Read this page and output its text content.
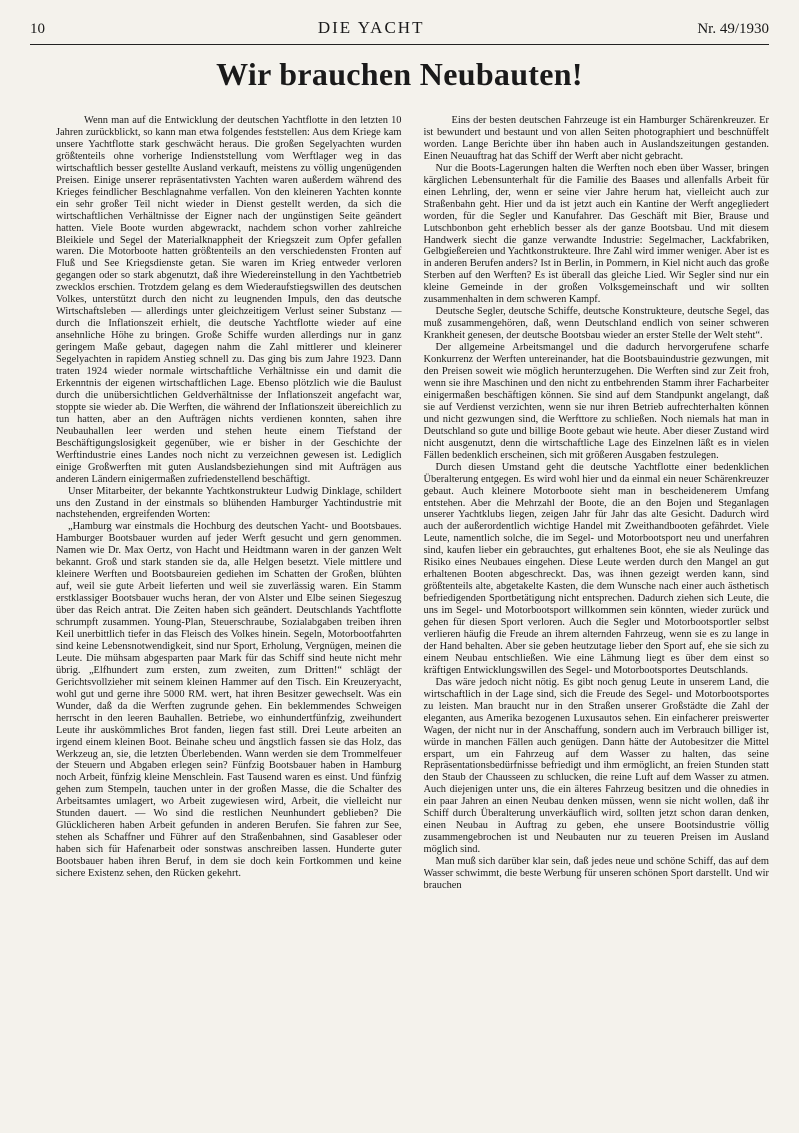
10	DIE YACHT	Nr. 49/1930
Wir brauchen Neubauten!

Wenn man auf die Entwicklung der deutschen Yachtflotte in den letzten 10 Jahren zurückblickt, so kann man etwa folgendes feststellen: Aus dem Kriege kam unsere Yachtflotte stark geschwächt heraus. Die großen Segelyachten wurden größtenteils ohne vorherige Indienststellung vom Werftlager weg in das wirtschaftlich besser gestellte Ausland verkauft, meistens zu völlig ungenügenden Preisen. Einige unserer repräsentativsten Yachten waren außerdem während des Krieges feindlicher Beschlagnahme verfallen. Von den kleineren Yachten konnte ein sehr großer Teil nicht wieder in Dienst gestellt werden, da sich die wirtschaftlichen Verhältnisse der Eigner nach der ungünstigen Seite geändert hatten. Viele Boote wurden abgewrackt, nachdem schon vorher zahlreiche Bleikiele und Segel der Materialknappheit der Kriegszeit zum Opfer gefallen waren. Die Motorboote hatten größtenteils an den verschiedensten Fronten auf Fluß und See Kriegsdienste getan. Sie waren im Krieg entweder verloren gegangen oder so stark abgenutzt, daß ihre Wiedereinstellung in den Yachtbetrieb zwecklos erschien. Trotzdem gelang es dem Wiederaufstiegswillen des deutschen Volkes, unterstützt durch den nicht zu leugnenden Impuls, den das deutsche Wirtschaftsleben — allerdings unter gleichzeitigem Verlust seiner Substanz — durch die Inflationszeit erhielt, die deutsche Yachtflotte wieder auf eine ansehnliche Höhe zu bringen. Große Schiffe wurden allerdings nur in ganz geringem Maße gebaut, dagegen nahm die Zahl mittlerer und kleinerer Segelyachten in rapidem Anstieg schnell zu. Das ging bis zum Jahre 1923. Dann traten 1924 wieder normale wirtschaftliche Verhältnisse ein und damit die Erkenntnis der eigenen wirtschaftlichen Lage. Ebenso plötzlich wie die Baulust durch die unübersichtlichen Geldverhältnisse der Inflationszeit angefacht war, stoppte sie wieder ab. Die Werften, die während der Inflationszeit übereichlich zu tun hatten, aber an den Aufträgen nichts verdienen konnten, sahen ihre Neubauhallen leer werden und stehen heute einem Tiefstand der Beschäftigungslosigkeit gegenüber, wie er bisher in der Geschichte der Werftindustrie eines Landes noch nicht zu verzeichnen gewesen ist. Lediglich einige Großwerften mit guten Auslandsbeziehungen sind mit Aufträgen aus anderen Ländern einigermaßen zufriedenstellend beschäftigt.

Unser Mitarbeiter, der bekannte Yachtkonstrukteur Ludwig Dinklage, schildert uns den Zustand in der einstmals so blühenden Hamburger Yachtindustrie mit nachstehenden, ergreifenden Worten:

„Hamburg war einstmals die Hochburg des deutschen Yacht- und Bootsbaues. Hamburger Bootsbauer wurden auf jeder Werft gesucht und gern genommen. Namen wie Dr. Max Oertz, von Hacht und Heidtmann waren in der ganzen Welt bekannt. Groß und stark standen sie da, alle Helgen besetzt. Viele mittlere und kleinere Werften und Bootsbaureien gediehen im Schatten der Großen, blühten auf, weil sie gute Arbeit lieferten und weil sie zuverlässig waren. Ein Stamm erstklassiger Bootsbauer wuchs heran, der von Alster und Elbe seinen Siegeszug über das Reich antrat. Die Zeiten haben sich geändert. Deutschlands Yachtflotte schrumpft zusammen. Young-Plan, Steuerschraube, Sozialabgaben treiben ihren Keil unerbittlich tiefer in das Fleisch des Volkes hinein. Segeln, Motorbootfahrten sind keine Lebensnotwendigkeit, sind nur Sport, Erholung, Vergnügen, meinen die Leute. Die mühsam abgesparten paar Mark für das Schiff sind heute nicht mehr übrig. „Elfhundert zum ersten, zum zweiten, zum Dritten!“ schlägt der Gerichtsvollzieher mit seinem kleinen Hammer auf den Tisch. Ein Kreuzeryacht, wohl gut und gerne ihre 5000 RM. wert, hat ihren Besitzer gewechselt. Was ein Wunder, daß da die Werften zugrunde gehen. Ein beklemmendes Schweigen herrscht in den leeren Bauhallen. Betriebe, wo einhundertfünfzig, zweihundert Leute ihr auskömmliches Brot fanden, liegen fast still. Drei Leute arbeiten an irgend einem kleinen Boot. Beinahe scheu und ängstlich fassen sie das Holz, das Werkzeug an, sie, die letzten Überlebenden. Wann werden sie dem Trommelfeuer der Steuern und Abgaben erlegen sein? Fünfzig Bootsbauer haben in Hamburg noch Arbeit, fünfzig kleine Menschlein. Fast Tausend waren es einst. Und fünfzig gehen zum Stempeln, tauchen unter in der großen Masse, die die Schalter des Arbeitsamtes umlagert, wo Arbeit zugewiesen wird, Arbeit, die vielleicht nur Stunden dauert. — Wo sind die restlichen Neunhundert geblieben? Die Glücklicheren haben Arbeit gefunden in anderen Berufen. Sie fahren zur See, stehen als Schaffner und Führer auf den Straßenbahnen, sind Gasableser oder haben sich für Hafenarbeit oder sonstwas anschreiben lassen. Hunderte guter Bootsbauer haben ihren Beruf, in dem sie doch kein Fortkommen und keine sichere Existenz sehen, den Rücken gekehrt.

Eins der besten deutschen Fahrzeuge ist ein Hamburger Schärenkreuzer. Er ist bewundert und bestaunt und von allen Seiten photographiert und beschnüffelt worden. Lange Berichte über ihn haben auch in Auslandszeitungen gestanden. Einen Neuauftrag hat das Schiff der Werft aber nicht gebracht.

Nur die Boots-Lagerungen halten die Werften noch eben über Wasser, bringen kärglichen Lebensunterhalt für die Familie des Baases und allenfalls Arbeit für einen Lehrling, der, wenn er seine vier Jahre herum hat, vielleicht auch zur Straßenbahn geht. Hier und da ist jetzt auch ein Kantine der Werft angegliedert worden, für die Segler und Kanufahrer. Das Geschäft mit Bier, Brause und Lutschbonbon geht erheblich besser als der ganze Bootsbau. Und mit diesem Handwerk siecht die ganze verwandte Industrie: Segelmacher, Lackfabriken, Gelbgießereien und Yachtkonstrukteure. Ihre Zahl wird immer weniger. Aber ist es in anderen Berufen anders? Ist in Berlin, in Pommern, in Kiel nicht auch das große Sterben auf den Werften? Es ist überall das gleiche Lied. Wir Segler sind nur ein kleine Gemeinde in der großen Volksgemeinschaft und wir sollten zusammenhalten in dem schweren Kampf.

Deutsche Segler, deutsche Schiffe, deutsche Konstrukteure, deutsche Segel, das muß zusammengehören, daß, wenn Deutschland endlich von seiner schweren Krankheit genesen, der deutsche Bootsbau wieder an erster Stelle der Welt steht“.

Der allgemeine Arbeitsmangel und die dadurch hervorgerufene scharfe Konkurrenz der Werften untereinander, hat die Bootsbauindustrie gezwungen, mit den Preisen soweit wie möglich herunterzugehen. Die Werften sind zur Zeit froh, wenn sie ihre Maschinen und den nicht zu entbehrenden Stamm ihrer Facharbeiter einigermaßen beschäftigen können. Sie sind auf dem Standpunkt angelangt, daß sie auf Verdienst verzichten, wenn sie nur ihren Betrieb aufrechterhalten können und nicht gezwungen sind, die Werfttore zu schließen. Noch niemals hat man in Deutschland so gute und billige Boote gebaut wie heute. Aber dieser Zustand wird nicht ausgenutzt, denn die wirtschaftliche Lage des Einzelnen läßt es in vielen Fällen bedenklich erscheinen, sich mit größeren Ausgaben festzulegen.

Durch diesen Umstand geht die deutsche Yachtflotte einer bedenklichen Überalterung entgegen. Es wird wohl hier und da einmal ein neuer Schärenkreuzer gebaut. Auch kleinere Motorboote sieht man in bescheidenerem Umfang entstehen. Aber die Mehrzahl der Boote, die an den Bojen und Steganlagen unserer Yachtklubs liegen, zeigen Jahr für Jahr das alte Gesicht. Dadurch wird auch der außerordentlich wichtige Handel mit Zweithandbooten gefährdet. Viele Leute, namentlich solche, die im Segel- und Motorbootsport neu und unerfahren sind, kaufen lieber ein gebrauchtes, gut erhaltenes Boot, ehe sie als Neulinge das Risiko eines Neubaues eingehen. Diese Leute werden durch den Mangel an gut erhaltenen Booten abgeschreckt. Das, was ihnen gezeigt werden kann, sind größtenteils alte, abgetakelte Kasten, die dem Wunsche nach einer auch ästhetisch befriedigenden Sportbetätigung nicht entsprechen. Dadurch ziehen sich Leute, die uns im Segel- und Motorbootsport willkommen sein könnten, wieder zurück und gehen für diesen Sport verloren. Auch die Segler und Motorbootsportler selbst verlieren häufig die Freude an ihrem alternden Fahrzeug, wenn sie es zu lange in der Hand behalten. Aber sie geben heutzutage lieber den Sport auf, ehe sie sich zu einem Neubau entschließen. Wie eine Lähmung liegt es über dem einst so kräftigen Entwicklungswillen des Segel- und Motorbootsportes Deutschlands.

Das wäre jedoch nicht nötig. Es gibt noch genug Leute in unserem Land, die wirtschaftlich in der Lage sind, sich die Freude des Segel- und Motorbootsportes zu leisten. Man braucht nur in den Straßen unserer Großstädte die Zahl der eleganten, aus Amerika bezogenen Luxusautos sehen. Ein einfacherer preiswerter Wagen, der nicht nur in der Anschaffung, sondern auch im Verbrauch billiger ist, würde in manchen Fällen auch genügen. Dann hätte der Autobesitzer die Mittel erspart, um ein Fahrzeug auf dem Wasser zu halten, das seine Repräsentationsbedürfnisse befriedigt und ihm ermöglicht, an freien Stunden statt den Staub der Chausseen zu schlucken, die reine Luft auf dem Wasser zu atmen. Auch diejenigen unter uns, die ein älteres Fahrzeug besitzen und die ohnedies in ein paar Jahren an einen Neubau denken müssen, wenn sie nicht wollen, daß ihr Schiff durch Überalterung unverkäuflich wird, sollten jetzt schon daran denken, einen Neubau in Auftrag zu geben, ehe unsere Bootsindustrie völlig zusammengebrochen ist und Neubauten nur zu teueren Preisen im Ausland möglich sind.

Man muß sich darüber klar sein, daß jedes neue und schöne Schiff, das auf dem Wasser schwimmt, die beste Werbung für unseren schönen Sport darstellt. Und wir brauchen
